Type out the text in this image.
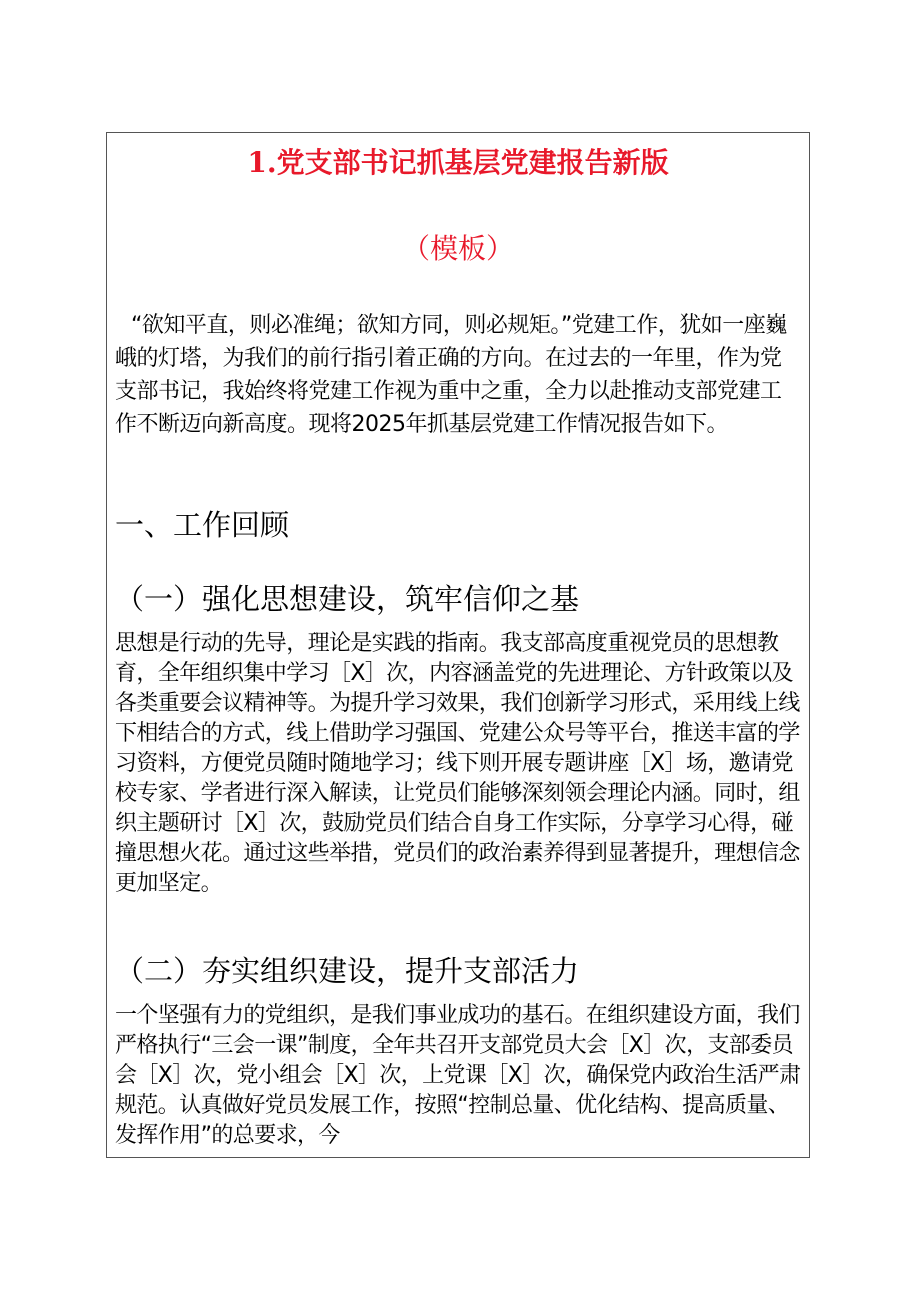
1.党支部书记抓基层党建报告新版
（模板）

“欲知平直，则必准绳；欲知方同，则必规矩。”党建工作，犹如一座巍峨的灯塔，为我们的前行指引着正确的方向。在过去的一年里，作为党支部书记，我始终将党建工作视为重中之重，全力以赴推动支部党建工作不断迈向新高度。现将2025年抓基层党建工作情况报告如下。

一、工作回顾
（一）强化思想建设，筑牢信仰之基

思想是行动的先导，理论是实践的指南。我支部高度重视党员的思想教育，全年组织集中学习［X］次，内容涵盖党的先进理论、方针政策以及各类重要会议精神等。为提升学习效果，我们创新学习形式，采用线上线下相结合的方式，线上借助学习强国、党建公众号等平台，推送丰富的学习资料，方便党员随时随地学习；线下则开展专题讲座［X］场，邀请党校专家、学者进行深入解读，让党员们能够深刻领会理论内涵。同时，组织主题研讨［X］次，鼓励党员们结合自身工作实际，分享学习心得，碰撞思想火花。通过这些举措，党员们的政治素养得到显著提升，理想信念更加坚定。

（二）夯实组织建设，提升支部活力

一个坚强有力的党组织，是我们事业成功的基石。在组织建设方面，我们严格执行“三会一课”制度，全年共召开支部党员大会［X］次，支部委员会［X］次，党小组会［X］次，上党课［X］次，确保党内政治生活严肃规范。认真做好党员发展工作，按照“控制总量、优化结构、提高质量、发挥作用”的总要求，今
